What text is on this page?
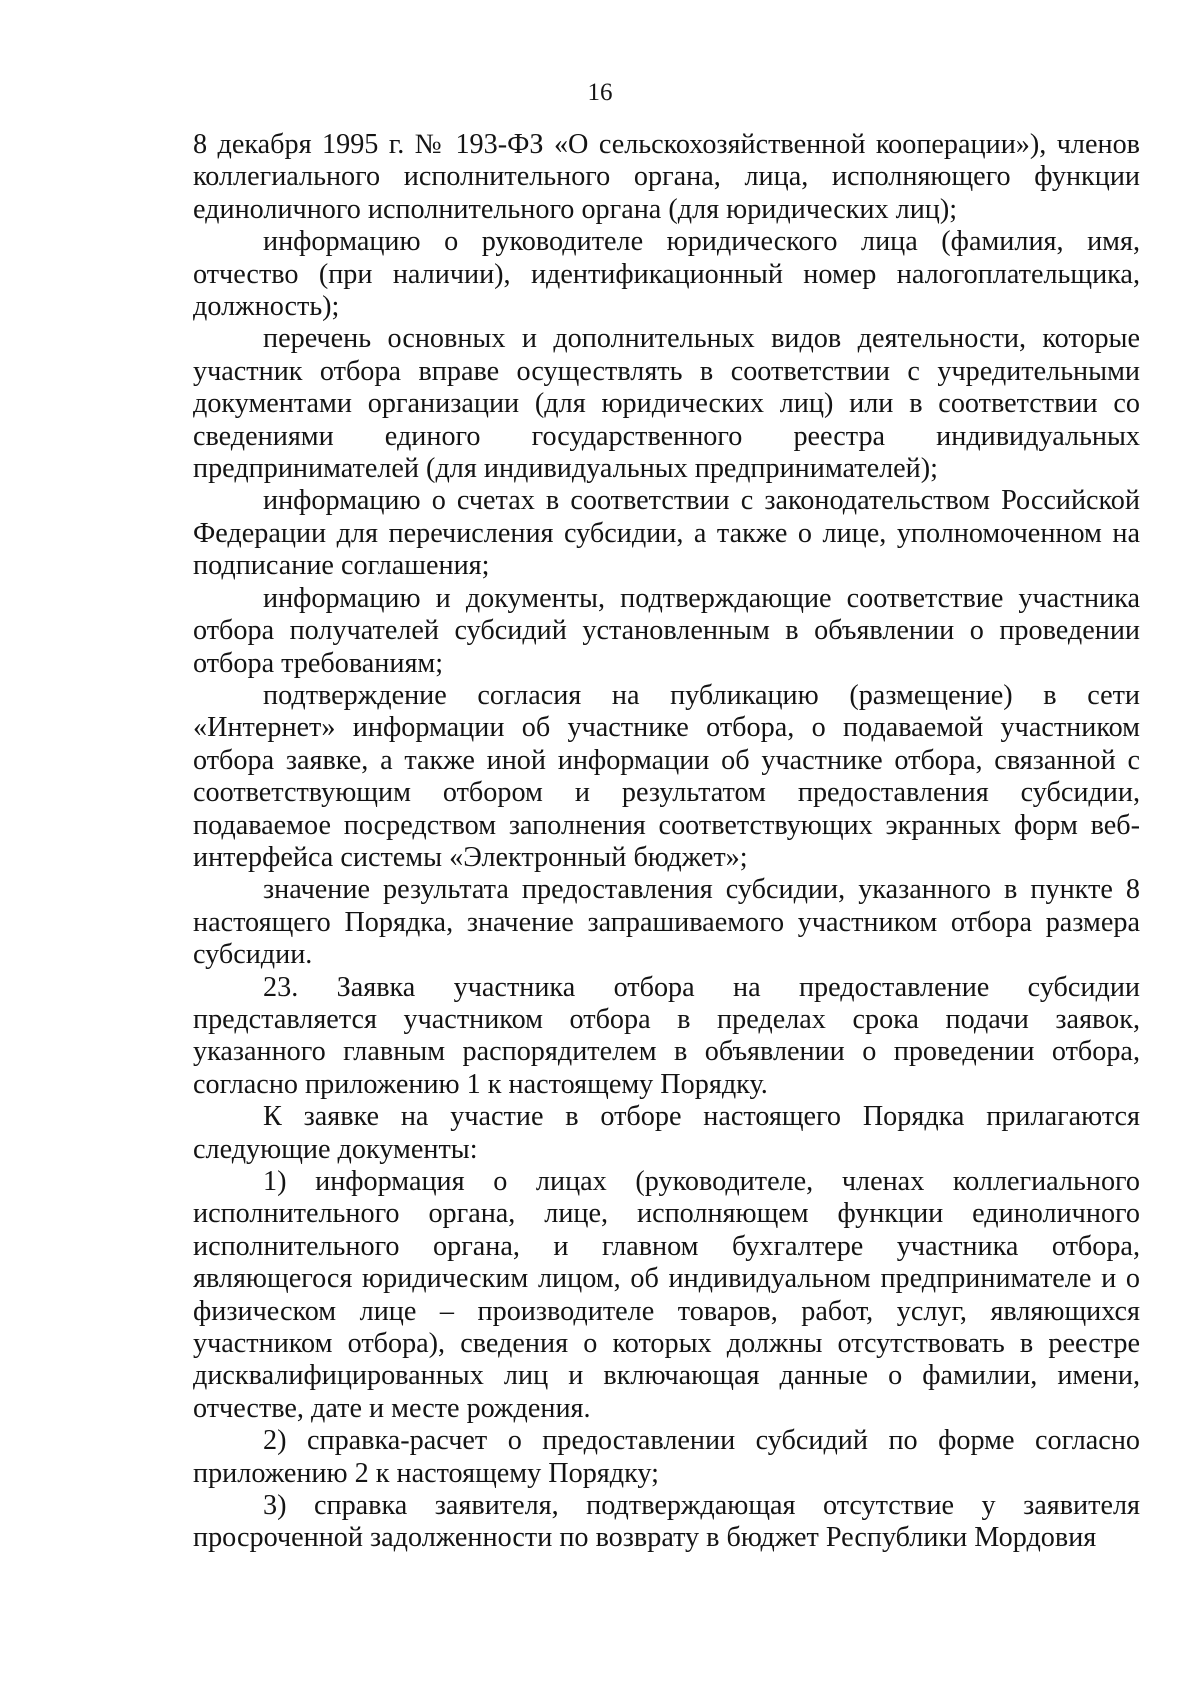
16

8 декабря 1995 г. № 193-ФЗ «О сельскохозяйственной кооперации»), членов коллегиального исполнительного органа, лица, исполняющего функции единоличного исполнительного органа (для юридических лиц);

информацию о руководителе юридического лица (фамилия, имя, отчество (при наличии), идентификационный номер налогоплательщика, должность);

перечень основных и дополнительных видов деятельности, которые участник отбора вправе осуществлять в соответствии с учредительными документами организации (для юридических лиц) или в соответствии со сведениями единого государственного реестра индивидуальных предпринимателей (для индивидуальных предпринимателей);

информацию о счетах в соответствии с законодательством Российской Федерации для перечисления субсидии, а также о лице, уполномоченном на подписание соглашения;

информацию и документы, подтверждающие соответствие участника отбора получателей субсидий установленным в объявлении о проведении отбора требованиям;

подтверждение согласия на публикацию (размещение) в сети «Интернет» информации об участнике отбора, о подаваемой участником отбора заявке, а также иной информации об участнике отбора, связанной с соответствующим отбором и результатом предоставления субсидии, подаваемое посредством заполнения соответствующих экранных форм веб-интерфейса системы «Электронный бюджет»;

значение результата предоставления субсидии, указанного в пункте 8 настоящего Порядка, значение запрашиваемого участником отбора размера субсидии.

23. Заявка участника отбора на предоставление субсидии представляется участником отбора в пределах срока подачи заявок, указанного главным распорядителем в объявлении о проведении отбора, согласно приложению 1 к настоящему Порядку.

К заявке на участие в отборе настоящего Порядка прилагаются следующие документы:

1) информация о лицах (руководителе, членах коллегиального исполнительного органа, лице, исполняющем функции единоличного исполнительного органа, и главном бухгалтере участника отбора, являющегося юридическим лицом, об индивидуальном предпринимателе и о физическом лице – производителе товаров, работ, услуг, являющихся участником отбора), сведения о которых должны отсутствовать в реестре дисквалифицированных лиц и включающая данные о фамилии, имени, отчестве, дате и месте рождения.

2) справка-расчет о предоставлении субсидий по форме согласно приложению 2 к настоящему Порядку;

3) справка заявителя, подтверждающая отсутствие у заявителя просроченной задолженности по возврату в бюджет Республики Мордовия
